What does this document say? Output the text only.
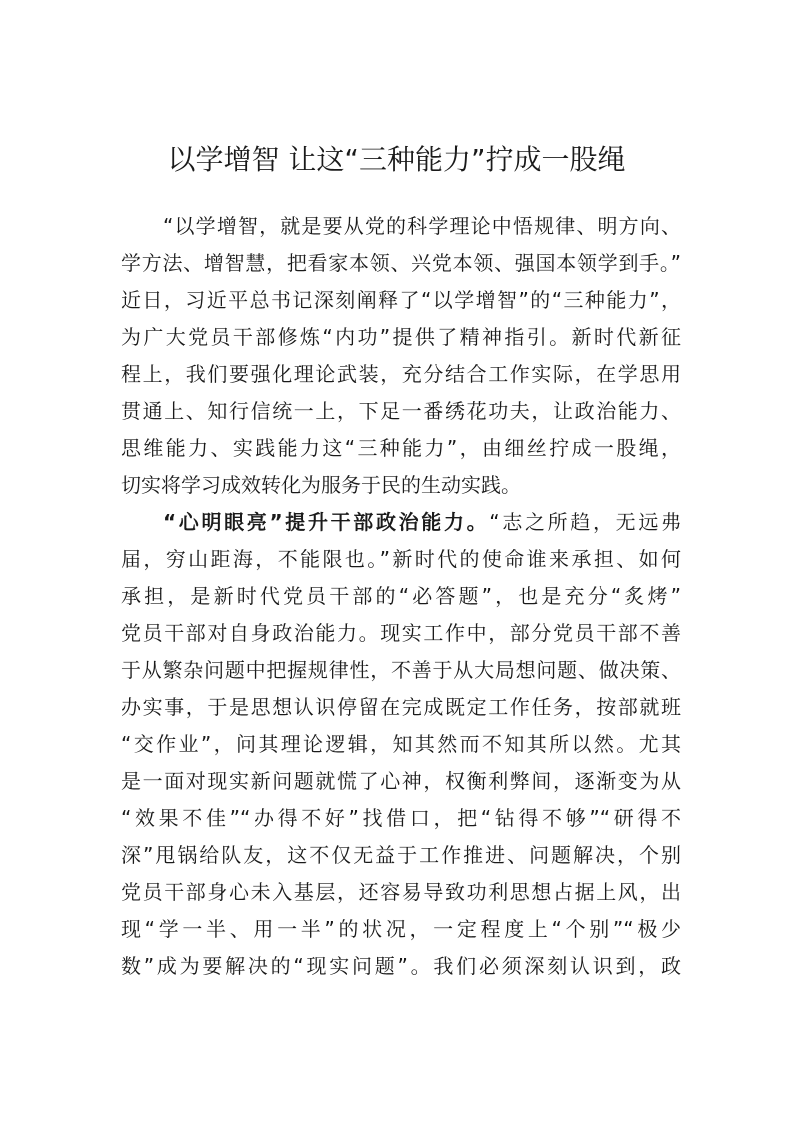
以学增智 让这“三种能力”拧成一股绳
“以学增智，就是要从党的科学理论中悟规律、明方向、
学方法、增智慧，把看家本领、兴党本领、强国本领学到手。”
近日，习近平总书记深刻阐释了“以学增智”的“三种能力”，
为广大党员干部修炼“内功”提供了精神指引。新时代新征
程上，我们要强化理论武装，充分结合工作实际，在学思用
贯通上、知行信统一上，下足一番绣花功夫，让政治能力、
思维能力、实践能力这“三种能力”，由细丝拧成一股绳，
切实将学习成效转化为服务于民的生动实践。
“心明眼亮”提升干部政治能力。“志之所趋，无远弗
届，穷山距海，不能限也。”新时代的使命谁来承担、如何
承担，是新时代党员干部的“必答题”，也是充分“炙烤”
党员干部对自身政治能力。现实工作中，部分党员干部不善
于从繁杂问题中把握规律性，不善于从大局想问题、做决策、
办实事，于是思想认识停留在完成既定工作任务，按部就班
“交作业”，问其理论逻辑，知其然而不知其所以然。尤其
是一面对现实新问题就慌了心神，权衡利弊间，逐渐变为从
“效果不佳”“办得不好”找借口，把“钻得不够”“研得不
深”甩锅给队友，这不仅无益于工作推进、问题解决，个别
党员干部身心未入基层，还容易导致功利思想占据上风，出
现“学一半、用一半”的状况，一定程度上“个别”“极少
数”成为要解决的“现实问题”。我们必须深刻认识到，政
